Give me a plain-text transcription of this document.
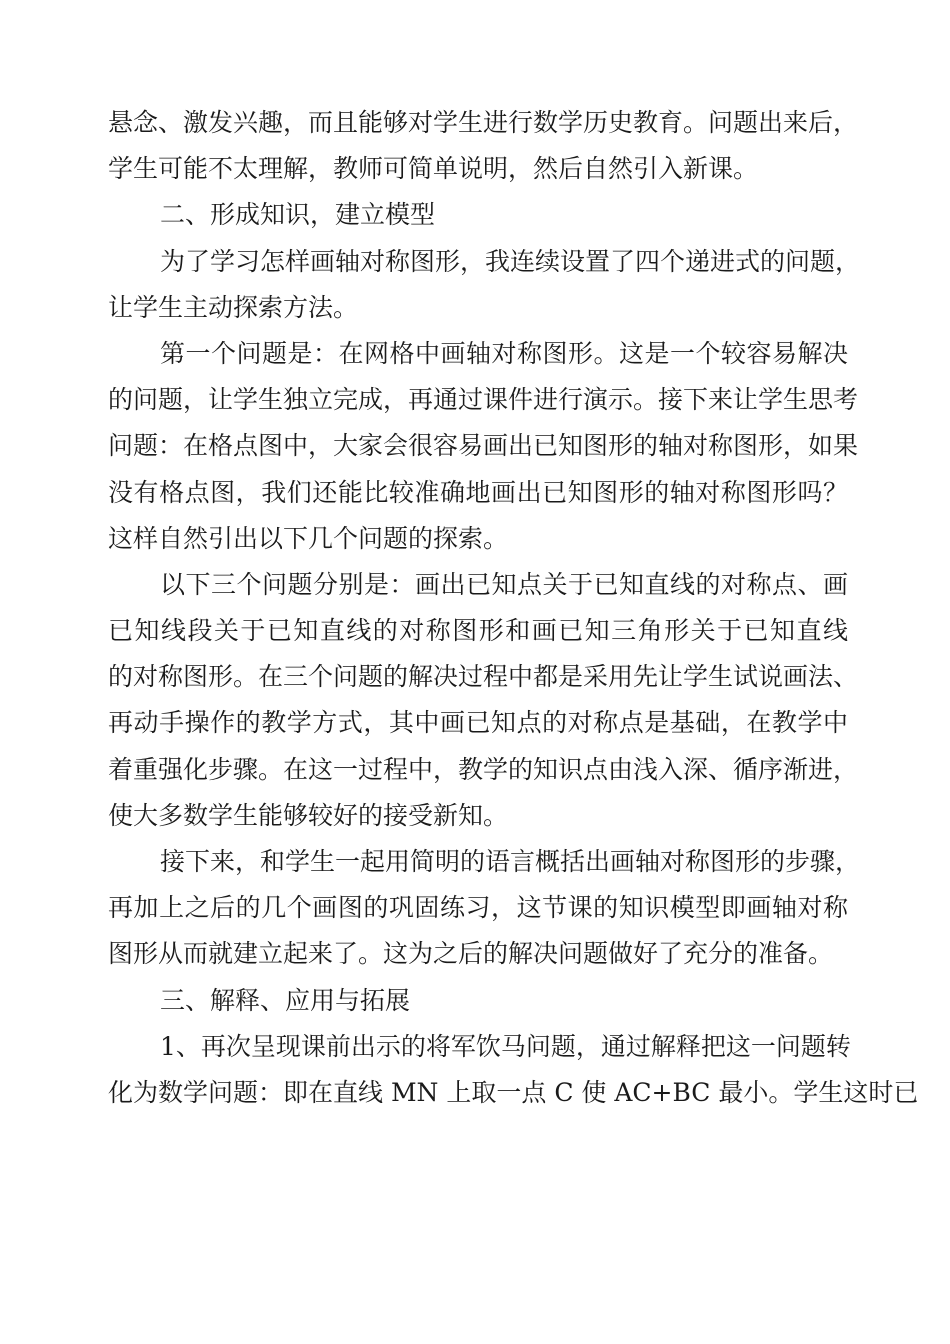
悬念、激发兴趣，而且能够对学生进行数学历史教育。问题出来后，
学生可能不太理解，教师可简单说明，然后自然引入新课。
二、形成知识，建立模型
为了学习怎样画轴对称图形，我连续设置了四个递进式的问题，
让学生主动探索方法。
第一个问题是：在网格中画轴对称图形。这是一个较容易解决
的问题，让学生独立完成，再通过课件进行演示。接下来让学生思考
问题：在格点图中，大家会很容易画出已知图形的轴对称图形，如果
没有格点图，我们还能比较准确地画出已知图形的轴对称图形吗？
这样自然引出以下几个问题的探索。
以下三个问题分别是：画出已知点关于已知直线的对称点、画
已知线段关于已知直线的对称图形和画已知三角形关于已知直线
的对称图形。在三个问题的解决过程中都是采用先让学生试说画法、
再动手操作的教学方式，其中画已知点的对称点是基础，在教学中
着重强化步骤。在这一过程中，教学的知识点由浅入深、循序渐进，
使大多数学生能够较好的接受新知。
接下来，和学生一起用简明的语言概括出画轴对称图形的步骤，
再加上之后的几个画图的巩固练习，这节课的知识模型即画轴对称
图形从而就建立起来了。这为之后的解决问题做好了充分的准备。
三、解释、应用与拓展
1、再次呈现课前出示的将军饮马问题，通过解释把这一问题转
化为数学问题：即在直线 MN 上取一点 C 使 AC+BC 最小。学生这时已
